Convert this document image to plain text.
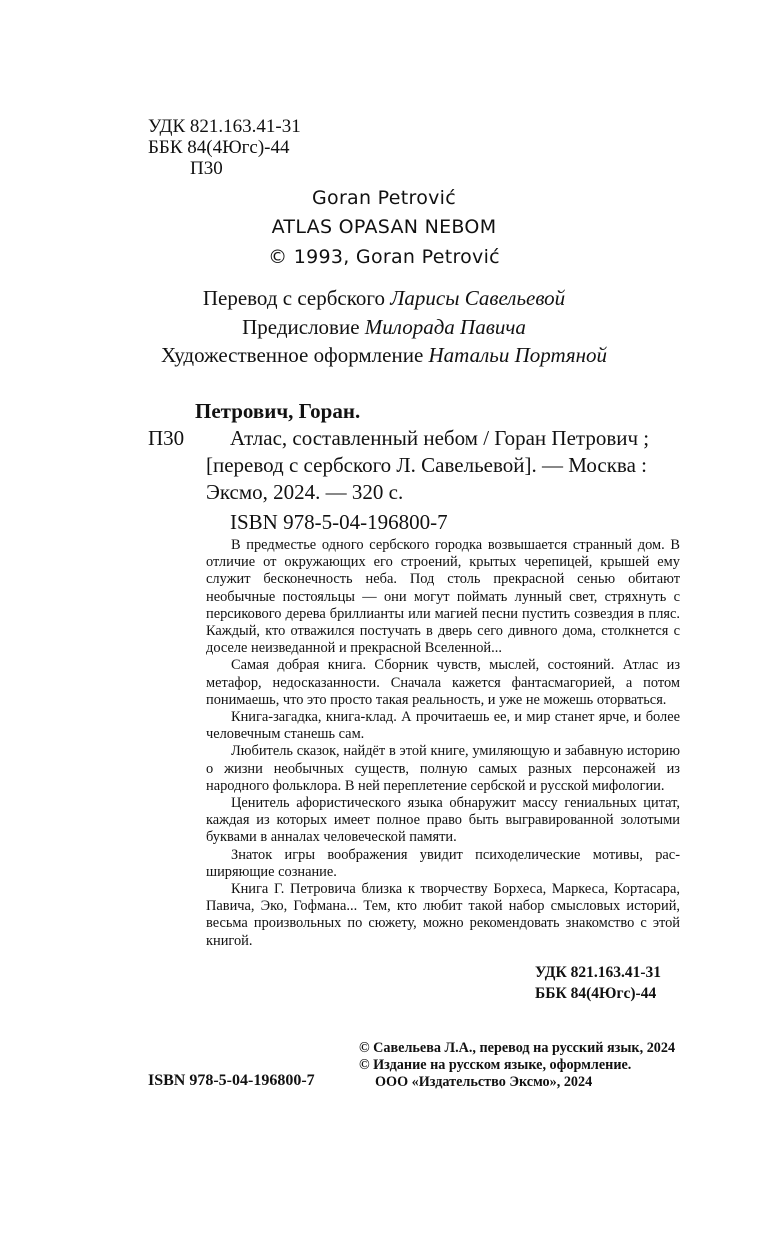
УДК 821.163.41-31
ББК 84(4Югс)-44
П30
Goran Petrović
ATLAS OPASAN NEBOM
© 1993, Goran Petrović
Перевод с сербского Ларисы Савельевой
Предисловие Милорада Павича
Художественное оформление Натальи Портяной
Петрович, Горан.
П30 Атлас, составленный небом / Горан Петрович ;
[перевод с сербского Л. Савельевой]. — Москва :
Эксмо, 2024. — 320 с.
ISBN 978-5-04-196800-7

В предместье одного сербского городка возвышается странный дом. В отличие от окружающих его строений, крытых черепицей, крышей ему служит бесконечность неба. Под столь прекрасной сенью обитают необычные постояльцы — они могут поймать лунный свет, стряхнуть с персикового дерева бриллианты или магией песни пустить созвездия в пляс. Каждый, кто отважился постучать в дверь сего дивного дома, столкнется с доселе неизведанной и прекрасной Вселенной...

Самая добрая книга. Сборник чувств, мыслей, состояний. Атлас из метафор, недосказанности. Сначала кажется фантасмагорией, а потом понимаешь, что это просто такая реальность, и уже не можешь оторваться.

Книга-загадка, книга-клад. А прочитаешь ее, и мир станет ярче, и более человечным станешь сам.

Любитель сказок, найдёт в этой книге, умиляющую и забавную историю о жизни необычных существ, полную самых разных персонажей из народного фольклора. В ней переплетение сербской и русской мифологии.

Ценитель афористического языка обнаружит массу гениальных цитат, каждая из которых имеет полное право быть выгравированной золотыми буквами в анналах человеческой памяти.

Знаток игры воображения увидит психоделические мотивы, расширяющие сознание.

Книга Г. Петровича близка к творчеству Борхеса, Маркеса, Кортасара, Павича, Эко, Гофмана... Тем, кто любит такой набор смысловых историй, весьма произвольных по сюжету, можно рекомендовать знакомство с этой книгой.

УДК 821.163.41-31
ББК 84(4Югс)-44
© Савельева Л.А., перевод на русский язык, 2024
© Издание на русском языке, оформление.
ООО «Издательство Эксмо», 2024
ISBN 978-5-04-196800-7
